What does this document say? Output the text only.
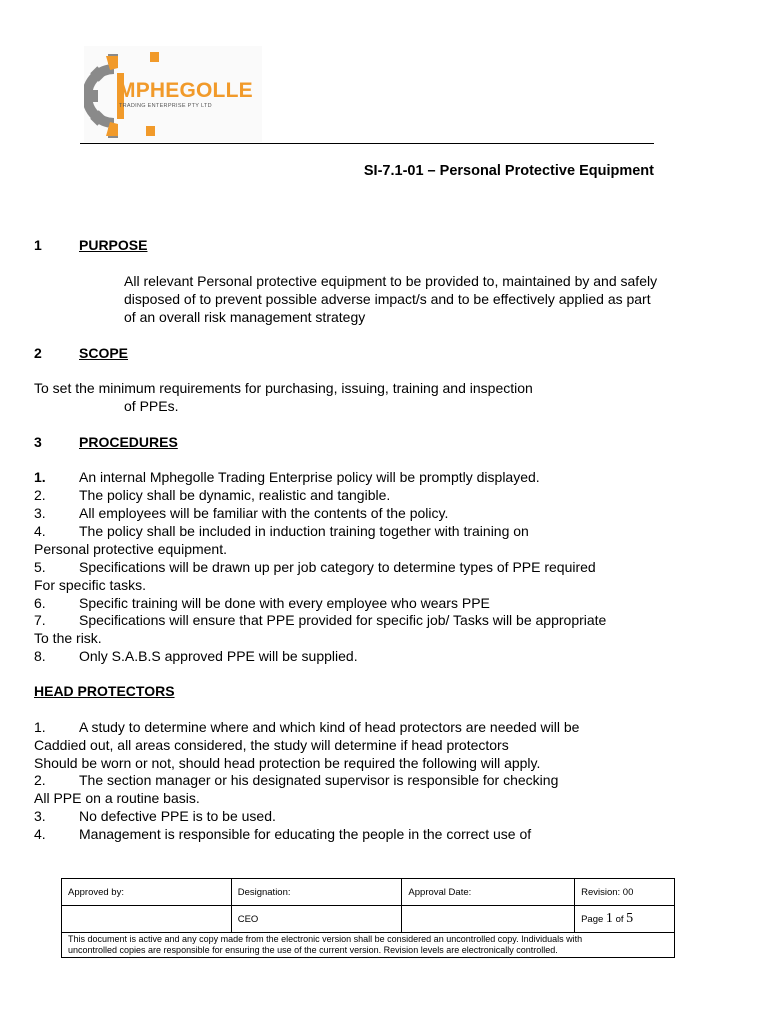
MPHEGOLLE
TRADING ENTERPRISE PTY LTD
SI-7.1-01 – Personal Protective Equipment
1	PURPOSE
All relevant Personal protective equipment to be provided to, maintained by and safely
disposed of to prevent possible adverse impact/s and to be effectively applied as part
of an overall risk management strategy
2	SCOPE
To set the minimum requirements for purchasing, issuing, training and inspection
of PPEs.
3	PROCEDURES
1. An internal Mphegolle Trading Enterprise policy will be promptly displayed.
2. The policy shall be dynamic, realistic and tangible.
3. All employees will be familiar with the contents of the policy.
4. The policy shall be included in induction training together with training on
Personal protective equipment.
5. Specifications will be drawn up per job category to determine types of PPE required
For specific tasks.
6. Specific training will be done with every employee who wears PPE
7. Specifications will ensure that PPE provided for specific job/ Tasks will be appropriate
To the risk.
8. Only S.A.B.S approved PPE will be supplied.
HEAD PROTECTORS
1. A study to determine where and which kind of head protectors are needed will be
Caddied out, all areas considered, the study will determine if head protectors
Should be worn or not, should head protection be required the following will apply.
2. The section manager or his designated supervisor is responsible for checking
All PPE on a routine basis.
3. No defective PPE is to be used.
4. Management is responsible for educating the people in the correct use of
Approved by:	Designation:	Approval Date:	Revision: 00
	CEO		Page 1 of 5
This document is active and any copy made from the electronic version shall be considered an uncontrolled copy. Individuals with
uncontrolled copies are responsible for ensuring the use of the current version. Revision levels are electronically controlled.			
